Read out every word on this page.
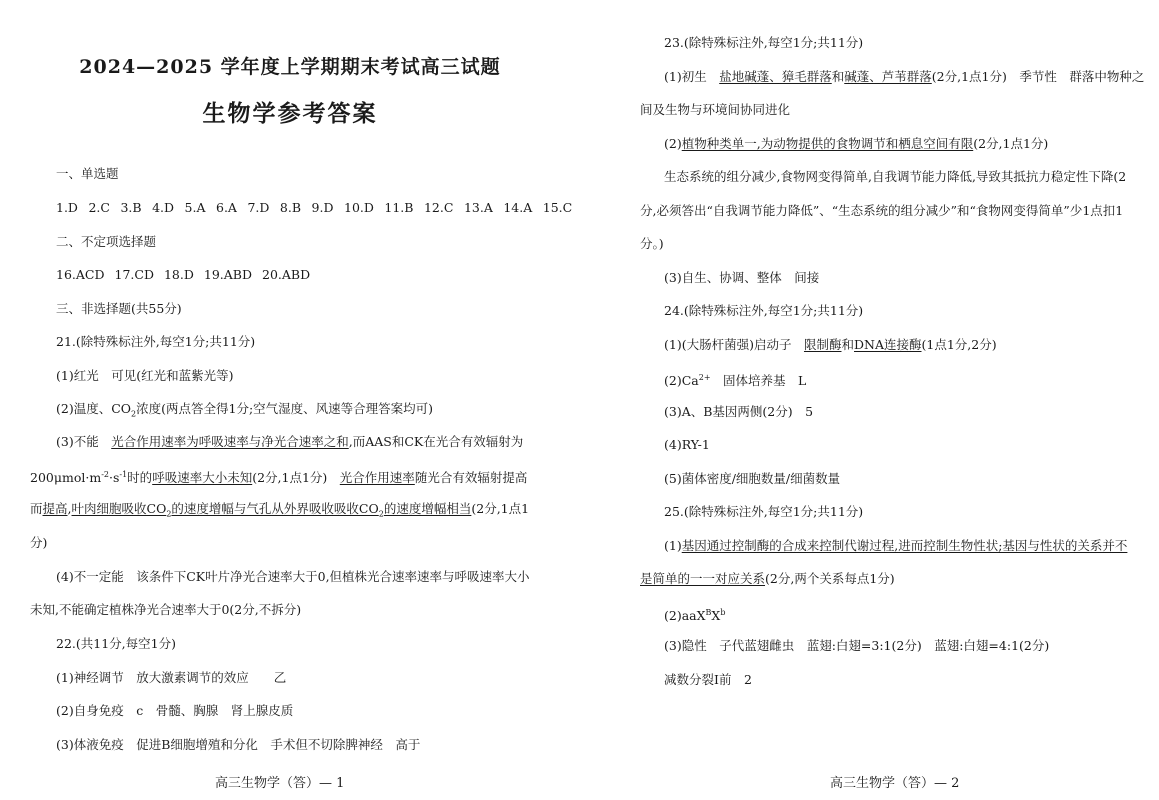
2024—2025 学年度上学期期末考试高三试题
生物学参考答案
一、单选题
1.D 2.C 3.B 4.D 5.A 6.A 7.D 8.B 9.D 10.D 11.B 12.C 13.A 14.A 15.C
二、不定项选择题
16.ACD 17.CD 18.D 19.ABD 20.ABD
三、非选择题(共55分)
21.(除特殊标注外,每空1分;共11分)
(1)红光　可见(红光和蓝紫光等)
(2)温度、$CO_2$浓度(两点答全得1分;空气湿度、风速等合理答案均可)
(3)不能　光合作用速率为呼吸速率与净光合速率之和,而AAS和CK在光合有效辐射为
$200\mu mol\cdot m^{-2}\cdot s^{-1}$时的呼吸速率大小未知(2分,1点1分)　光合作用速率随光合有效辐射提高
而提高,叶肉细胞吸收$CO_2$的速度增幅与气孔从外界吸收吸收$CO_2$的速度增幅相当(2分,1点1
分)
(4)不一定能　该条件下CK叶片净光合速率大于0,但植株光合速率速率与呼吸速率大小
未知,不能确定植株净光合速率大于0(2分,不拆分)
22.(共11分,每空1分)
(1)神经调节　放大激素调节的效应　　乙
(2)自身免疫　c　骨髓、胸腺　肾上腺皮质
(3)体液免疫　促进B细胞增殖和分化　手术但不切除脾神经　高于
高三生物学（答）— 1
23.(除特殊标注外,每空1分;共11分)
(1)初生　盐地碱蓬、獐毛群落和碱蓬、芦苇群落(2分,1点1分)　季节性　群落中物种之
间及生物与环境间协同进化
(2)植物种类单一,为动物提供的食物调节和栖息空间有限(2分,1点1分)
生态系统的组分减少,食物网变得简单,自我调节能力降低,导致其抵抗力稳定性下降(2
分,必须答出“自我调节能力降低”、“生态系统的组分减少”和“食物网变得简单”少1点扣1
分。)
(3)自生、协调、整体　间接
24.(除特殊标注外,每空1分;共11分)
(1)(大肠杆菌强)启动子　限制酶和DNA连接酶(1点1分,2分)
$(2)Ca^{2+}$　固体培养基　L
(3)A、B基因两侧(2分)　5
(4)RY-1
(5)菌体密度/细胞数量/细菌数量
25.(除特殊标注外,每空1分;共11分)
(1)基因通过控制酶的合成来控制代谢过程,进而控制生物性状;基因与性状的关系并不
是简单的一一对应关系(2分,两个关系每点1分)
$(2)aaX^BX^b$
(3)隐性　子代蓝翅雌虫　蓝翅:白翅=3:1(2分)　蓝翅:白翅=4:1(2分)
减数分裂I前　2
高三生物学（答）— 2
